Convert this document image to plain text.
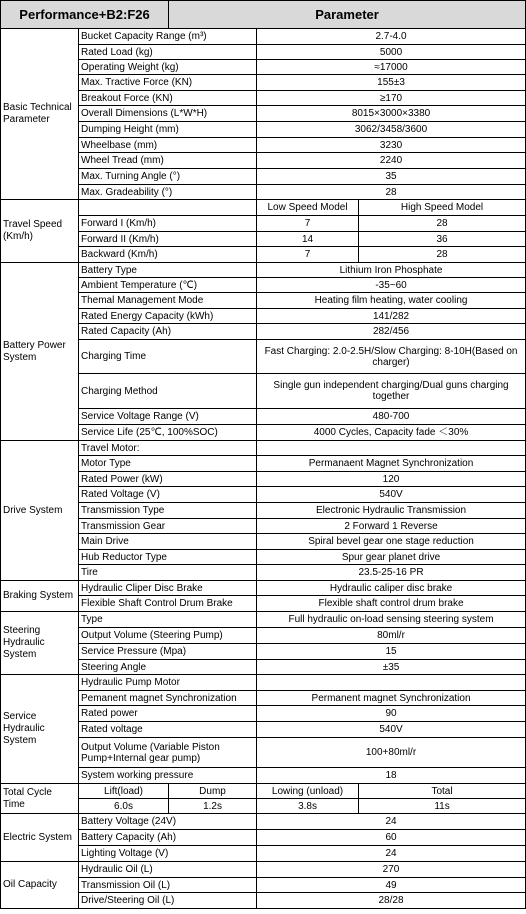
Performance+B2:F26		Parameter		
Basic Technical Parameter	Bucket Capacity Range (m³)		2.7-4.0	
	Rated Load (kg)		5000	
	Operating Weight (kg)		≈17000	
	Max. Tractive Force (KN)		155±3	
	Breakout Force (KN)		≥170	
	Overall Dimensions (L*W*H)		8015×3000×3380	
	Dumping Height (mm)		3062/3458/3600	
	Wheelbase (mm)		3230	
	Wheel Tread (mm)		2240	
	Max. Turning Angle (°)		35	
	Max. Gradeability (°)		28	
Travel Speed (Km/h)			Low Speed Model	High Speed Model
	Forward I (Km/h)		7	28
	Forward II (Km/h)		14	36
	Backward (Km/h)		7	28
Battery Power System	Battery Type		Lithium Iron Phosphate	
	Ambient Temperature (℃)		-35~60	
	Themal Management Mode		Heating film heating, water cooling	
	Rated Energy Capacity (kWh)		141/282	
	Rated Capacity (Ah)		282/456	
	Charging Time		Fast Charging: 2.0-2.5H/Slow Charging: 8-10H(Based on charger)	
	Charging Method		Single gun independent charging/Dual guns charging together	
	Service Voltage Range (V)		480-700	
	Service Life (25℃, 100%SOC)		4000 Cycles, Capacity fade ＜30%	
Drive System	Travel Motor:			
	Motor Type		Permanaent Magnet Synchronization	
	Rated Power (kW)		120	
	Rated Voltage (V)		540V	
	Transmission Type		Electronic Hydraulic Transmission	
	Transmission Gear		2 Forward 1 Reverse	
	Main Drive		Spiral bevel gear one stage reduction	
	Hub Reductor Type		Spur gear planet drive	
	Tire		23.5-25-16 PR	
Braking System	Hydraulic Cliper Disc Brake		Hydraulic caliper disc brake	
	Flexible Shaft Control Drum Brake		Flexible shaft control drum brake	
Steering Hydraulic System	Type		Full hydraulic on-load sensing steering system	
	Output Volume (Steering Pump)		80ml/r	
	Service Pressure (Mpa)		15	
	Steering Angle		±35	
Service Hydraulic System	Hydraulic Pump Motor			
	Pemanent magnet Synchronization		Permanent magnet Synchronization	
	Rated power		90	
	Rated voltage		540V	
	Output Volume (Variable Piston Pump+Internal gear pump)		100+80ml/r	
	System working pressure		18	
Total Cycle Time	Lift(load)	Dump	Lowing (unload)	Total
	6.0s	1.2s	3.8s	11s
Electric System	Battery Voltage (24V)		24	
	Battery Capacity (Ah)		60	
	Lighting Voltage (V)		24	
Oil Capacity	Hydraulic Oil (L)		270	
	Transmission Oil (L)		49	
	Drive/Steering Oil (L)		28/28	
